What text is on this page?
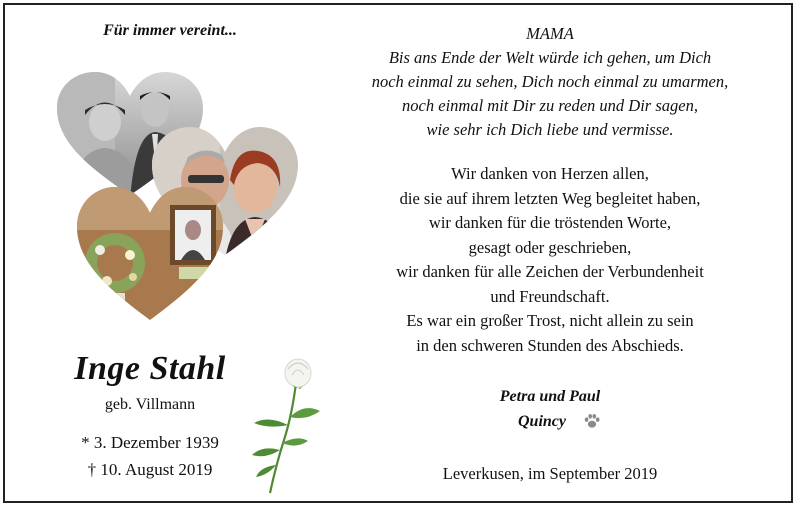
Für immer vereint...
Inge Stahl
geb. Villmann
* 3. Dezember 1939
† 10. August 2019
MAMA
Bis ans Ende der Welt würde ich gehen, um Dich
noch einmal zu sehen, Dich noch einmal zu umarmen,
noch einmal mit Dir zu reden und Dir sagen,
wie sehr ich Dich liebe und vermisse.
Wir danken von Herzen allen,
die sie auf ihrem letzten Weg begleitet haben,
wir danken für die tröstenden Worte,
gesagt oder geschrieben,
wir danken für alle Zeichen der Verbundenheit
und Freundschaft.
Es war ein großer Trost, nicht allein zu sein
in den schweren Stunden des Abschieds.
Petra und Paul
Quincy
Leverkusen, im September 2019
